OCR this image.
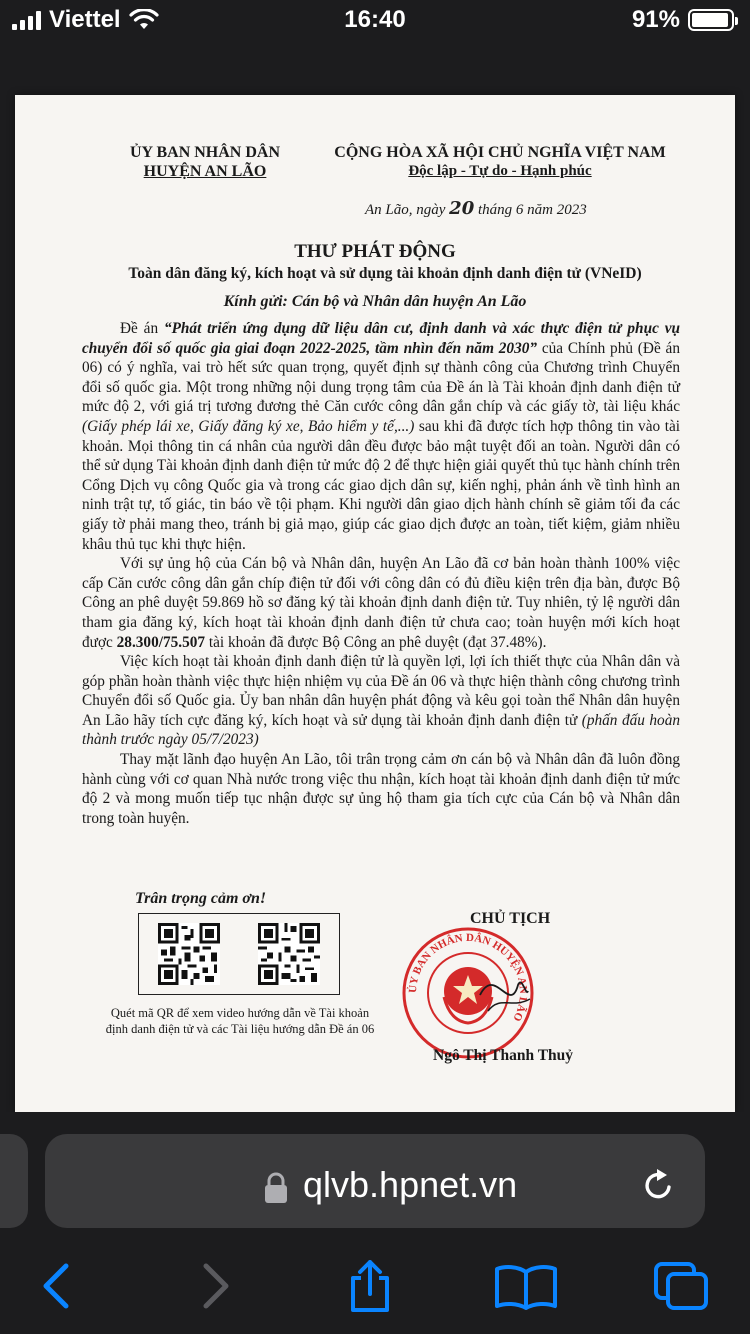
Viettel	16:40	91%
ỦY BAN NHÂN DÂN
HUYỆN AN LÃO
CỘNG HÒA XÃ HỘI CHỦ NGHĨA VIỆT NAM
Độc lập - Tự do - Hạnh phúc
An Lão, ngày 20 tháng 6 năm 2023
THƯ PHÁT ĐỘNG
Toàn dân đăng ký, kích hoạt và sử dụng tài khoản định danh điện tử (VNeID)
Kính gửi: Cán bộ và Nhân dân huyện An Lão

Đề án “Phát triển ứng dụng dữ liệu dân cư, định danh và xác thực điện tử phục vụ chuyển đổi số quốc gia giai đoạn 2022-2025, tầm nhìn đến năm 2030” của Chính phủ (Đề án 06) có ý nghĩa, vai trò hết sức quan trọng, quyết định sự thành công của Chương trình Chuyển đổi số quốc gia. Một trong những nội dung trọng tâm của Đề án là Tài khoản định danh điện tử mức độ 2, với giá trị tương đương thẻ Căn cước công dân gắn chíp và các giấy tờ, tài liệu khác (Giấy phép lái xe, Giấy đăng ký xe, Bảo hiểm y tế,...) sau khi đã được tích hợp thông tin vào tài khoản. Mọi thông tin cá nhân của người dân đều được bảo mật tuyệt đối an toàn. Người dân có thể sử dụng Tài khoản định danh điện tử mức độ 2 để thực hiện giải quyết thủ tục hành chính trên Cổng Dịch vụ công Quốc gia và trong các giao dịch dân sự, kiến nghị, phản ánh về tình hình an ninh trật tự, tố giác, tin báo về tội phạm. Khi người dân giao dịch hành chính sẽ giảm tối đa các giấy tờ phải mang theo, tránh bị giả mạo, giúp các giao dịch được an toàn, tiết kiệm, giảm nhiều khâu thủ tục khi thực hiện.

Với sự ủng hộ của Cán bộ và Nhân dân, huyện An Lão đã cơ bản hoàn thành 100% việc cấp Căn cước công dân gắn chíp điện tử đối với công dân có đủ điều kiện trên địa bàn, được Bộ Công an phê duyệt 59.869 hồ sơ đăng ký tài khoản định danh điện tử. Tuy nhiên, tỷ lệ người dân tham gia đăng ký, kích hoạt tài khoản định danh điện tử chưa cao; toàn huyện mới kích hoạt được 28.300/75.507 tài khoản đã được Bộ Công an phê duyệt (đạt 37.48%).

Việc kích hoạt tài khoản định danh điện tử là quyền lợi, lợi ích thiết thực của Nhân dân và góp phần hoàn thành việc thực hiện nhiệm vụ của Đề án 06 và thực hiện thành công chương trình Chuyển đổi số Quốc gia. Ủy ban nhân dân huyện phát động và kêu gọi toàn thể Nhân dân huyện An Lão hãy tích cực đăng ký, kích hoạt và sử dụng tài khoản định danh điện tử (phấn đấu hoàn thành trước ngày 05/7/2023)

Thay mặt lãnh đạo huyện An Lão, tôi trân trọng cảm ơn cán bộ và Nhân dân đã luôn đồng hành cùng với cơ quan Nhà nước trong việc thu nhận, kích hoạt tài khoản định danh điện tử mức độ 2 và mong muốn tiếp tục nhận được sự ủng hộ tham gia tích cực của Cán bộ và Nhân dân trong toàn huyện.

Trân trọng cảm ơn!
Quét mã QR để xem video hướng dẫn về Tài khoản định danh điện tử và các Tài liệu hướng dẫn Đề án 06
CHỦ TỊCH
ỦY BAN NHÂN DÂN HUYỆN AN LÃO
Ngô Thị Thanh Thuỷ
qlvb.hpnet.vn
